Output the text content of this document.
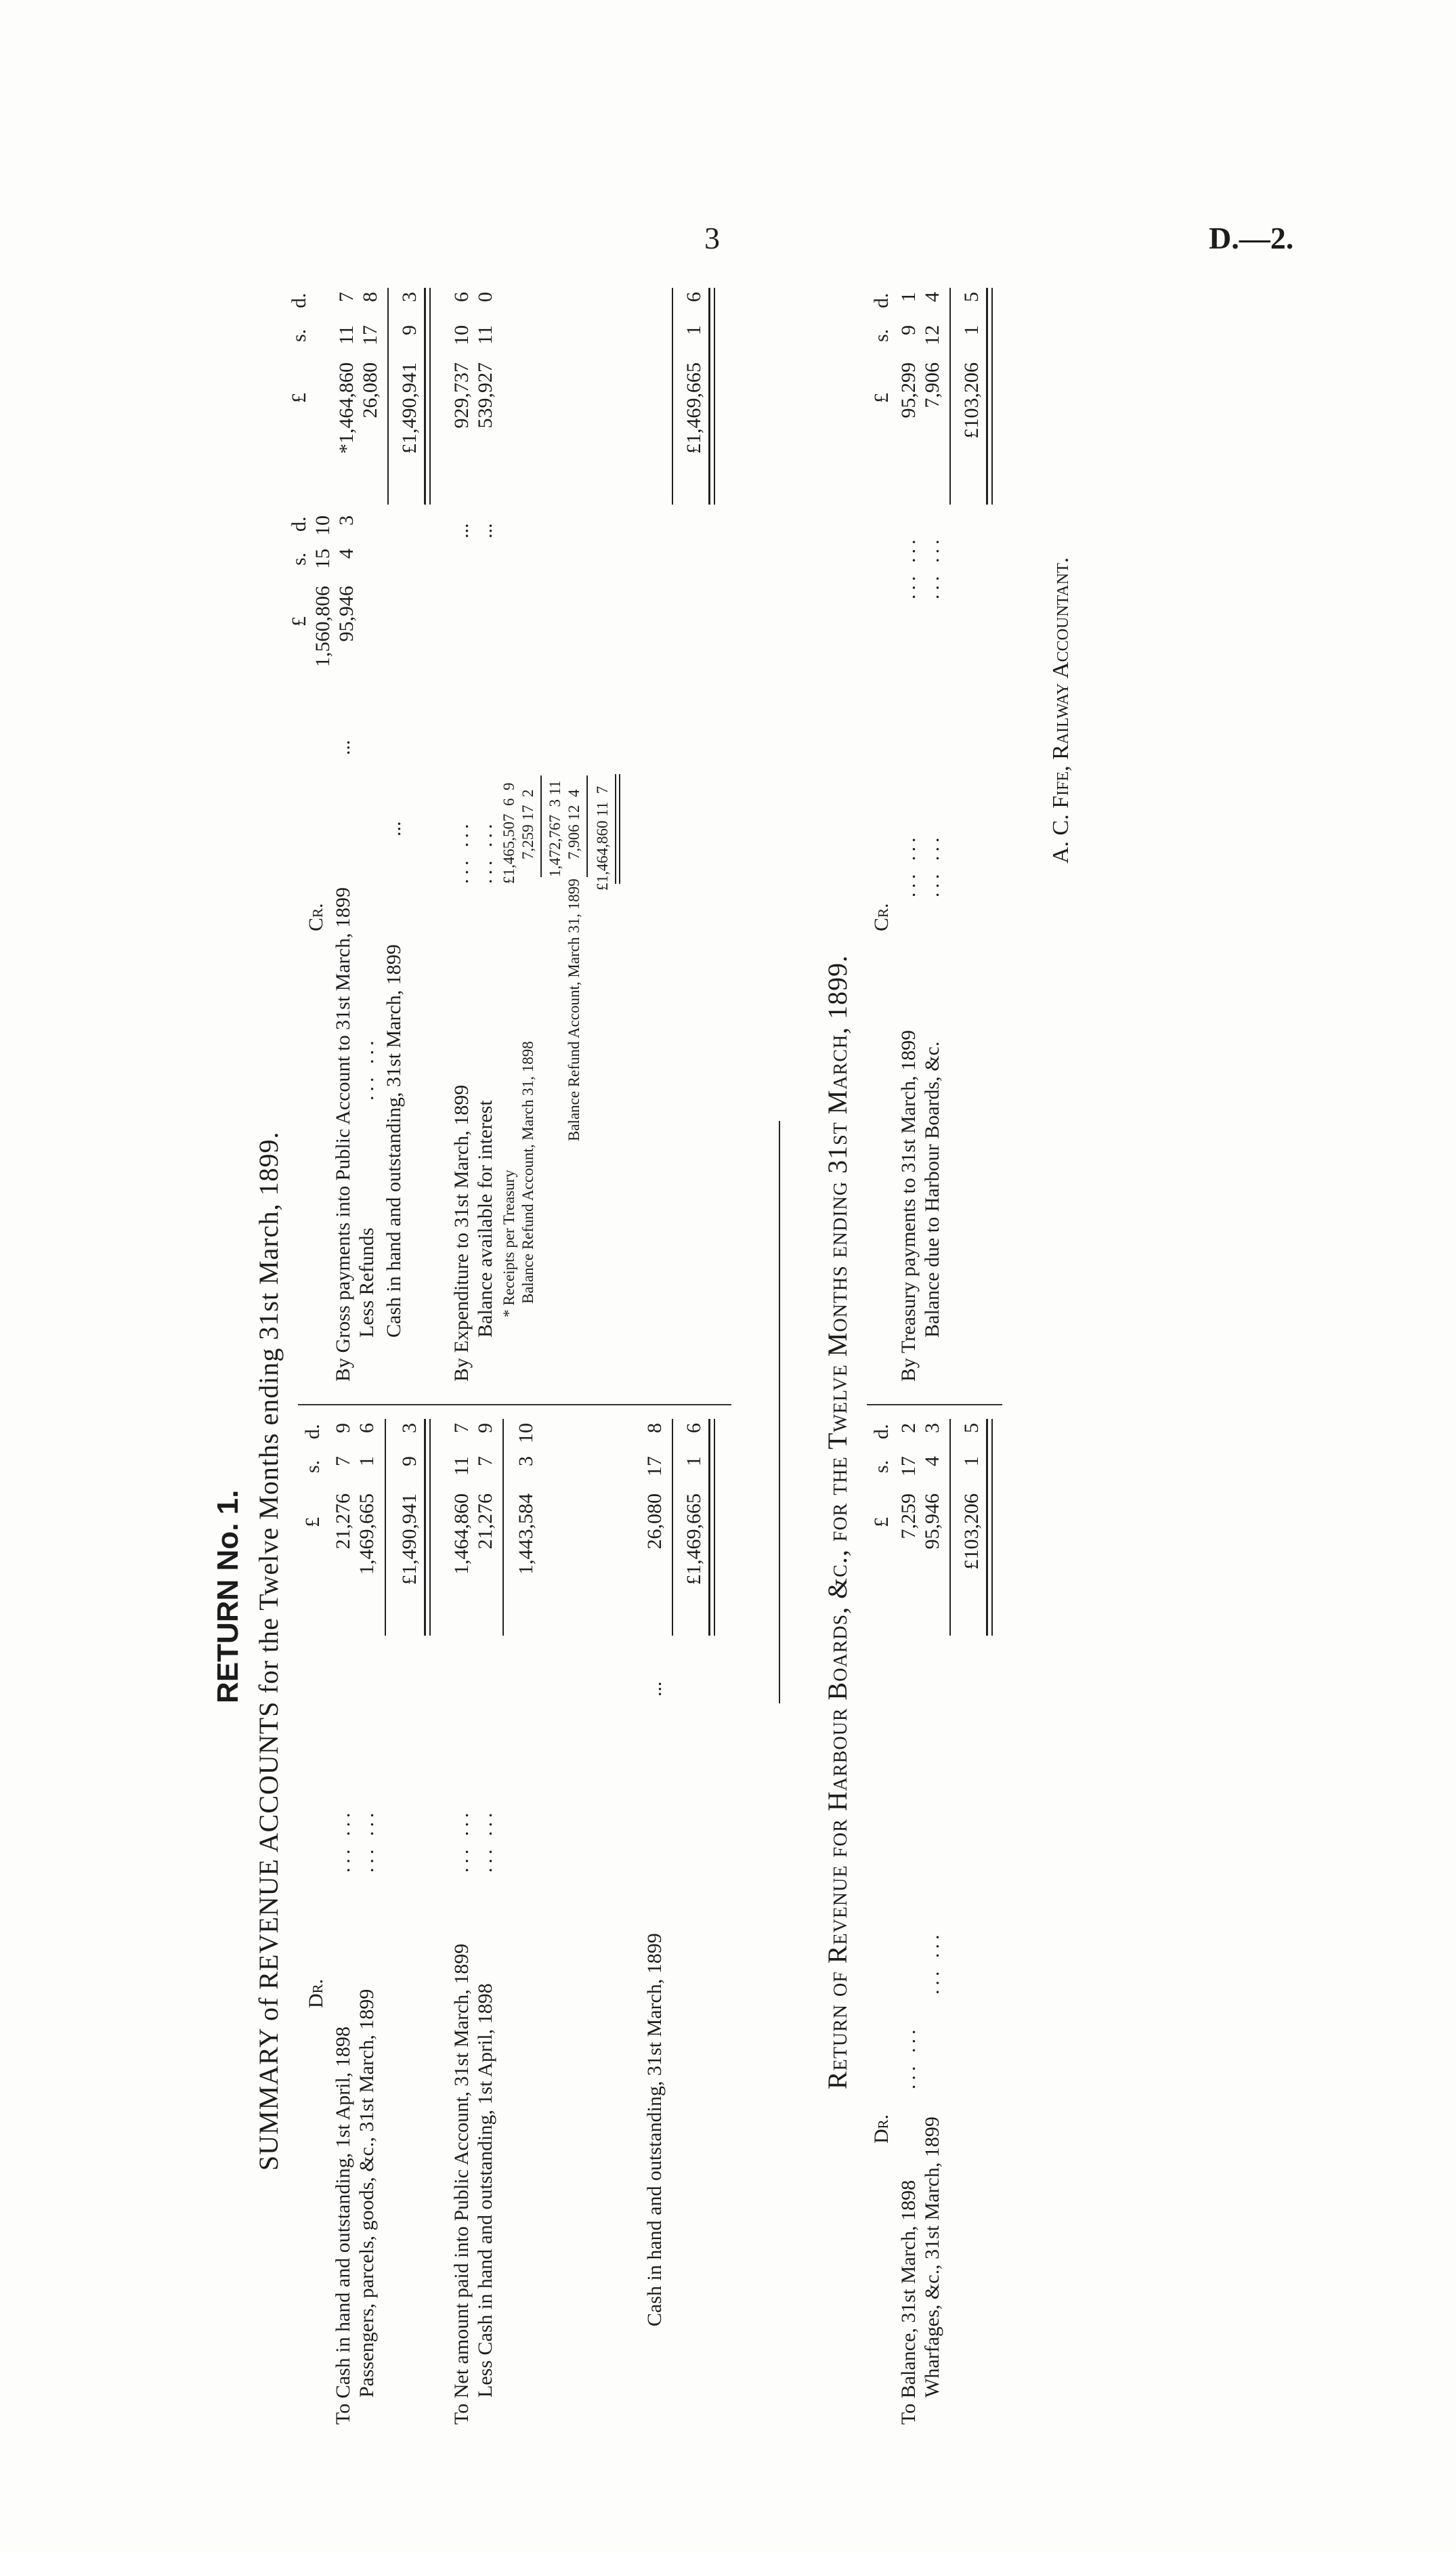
3	D.—2.
RETURN No. 1. SUMMARY of REVENUE ACCOUNTS for the Twelve Months ending 31st March, 1899. Dr.
£
s.
d.
To Cash in hand and outstanding, 1st April, 1898
... ...
21,276
7
9
Passengers, parcels, goods, &c., 31st March, 1899
... ...
1,469,665
1
6
£1,490,941
9
3
To Net amount paid into Public Account, 31st March, 1899
... ...
1,464,860
11
7
Less Cash in hand and outstanding, 1st April, 1898
... ...
21,276
7
9
1,443,584
3
10
Cash in hand and outstanding, 31st March, 1899
...
26,080
17
8
£1,469,665
1
6
Cr.
£
s.
d.
£
s.
d.
By Gross payments into Public Account to 31st March, 1899
...
1,560,806
15
10
Less Refunds
... ...
95,946
4
3
*1,464,860
11
7
Cash in hand and outstanding, 31st March, 1899
...
26,080
17
8
£1,490,941
9
3
By Expenditure to 31st March, 1899
... ...
...
929,737
10
6
Balance available for interest
... ...
...
539,927
11
0
* Receipts per Treasury
£1,465,507  6  9
Balance Refund Account, March 31, 1898
7,259 17  2 1,472,767  3 11
Balance Refund Account, March 31, 1899
7,906 12  4 £1,464,860 11  7
£1,469,665
1
6
Return of Revenue for Harbour Boards, &c., for the Twelve Months ending 31st March, 1899.
Dr.
£
s.
d.
To Balance, 31st March, 1898
... ...
7,259
17
2
Wharfages, &c., 31st March, 1899
... ...
95,946
4
3
£103,206
1
5
Cr.
£
s.
d.
By Treasury payments to 31st March, 1899
... ...
... ...
95,299
9
1
Balance due to Harbour Boards, &c.
... ...
... ...
7,906
12
4
£103,206
1
5
A. C. Fife, Railway Accountant.
